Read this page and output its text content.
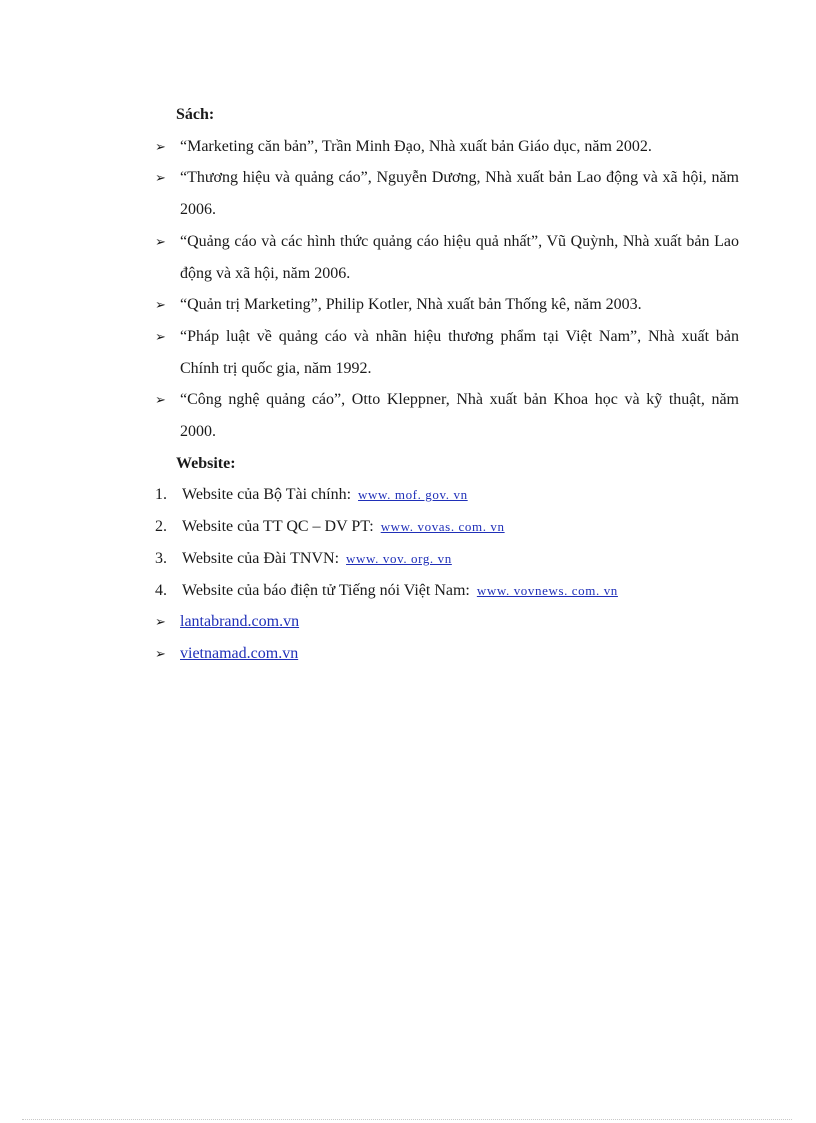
Sách:
➢ “Marketing căn bản”, Trần Minh Đạo, Nhà xuất bản Giáo dục, năm 2002.
➢ “Thương hiệu và quảng cáo”, Nguyễn Dương, Nhà xuất bản Lao động và xã hội, năm 2006.
➢ “Quảng cáo và các hình thức quảng cáo hiệu quả nhất”, Vũ Quỳnh, Nhà xuất bản Lao động và xã hội, năm 2006.
➢ “Quản trị Marketing”, Philip Kotler, Nhà xuất bản Thống kê, năm 2003.
➢ “Pháp luật về quảng cáo và nhãn hiệu thương phẩm tại Việt Nam”, Nhà xuất bản Chính trị quốc gia, năm 1992.
➢ “Công nghệ quảng cáo”, Otto Kleppner, Nhà xuất bản Khoa học và kỹ thuật, năm 2000.
Website:
1. Website của Bộ Tài chính: www. mof. gov. vn
2. Website của TT QC – DV PT: www. vovas. com. vn
3. Website của Đài TNVN: www. vov. org. vn
4. Website của báo điện tử Tiếng nói Việt Nam: www. vovnews. com. vn
➢ lantabrand.com.vn
➢ vietnamad.com.vn
